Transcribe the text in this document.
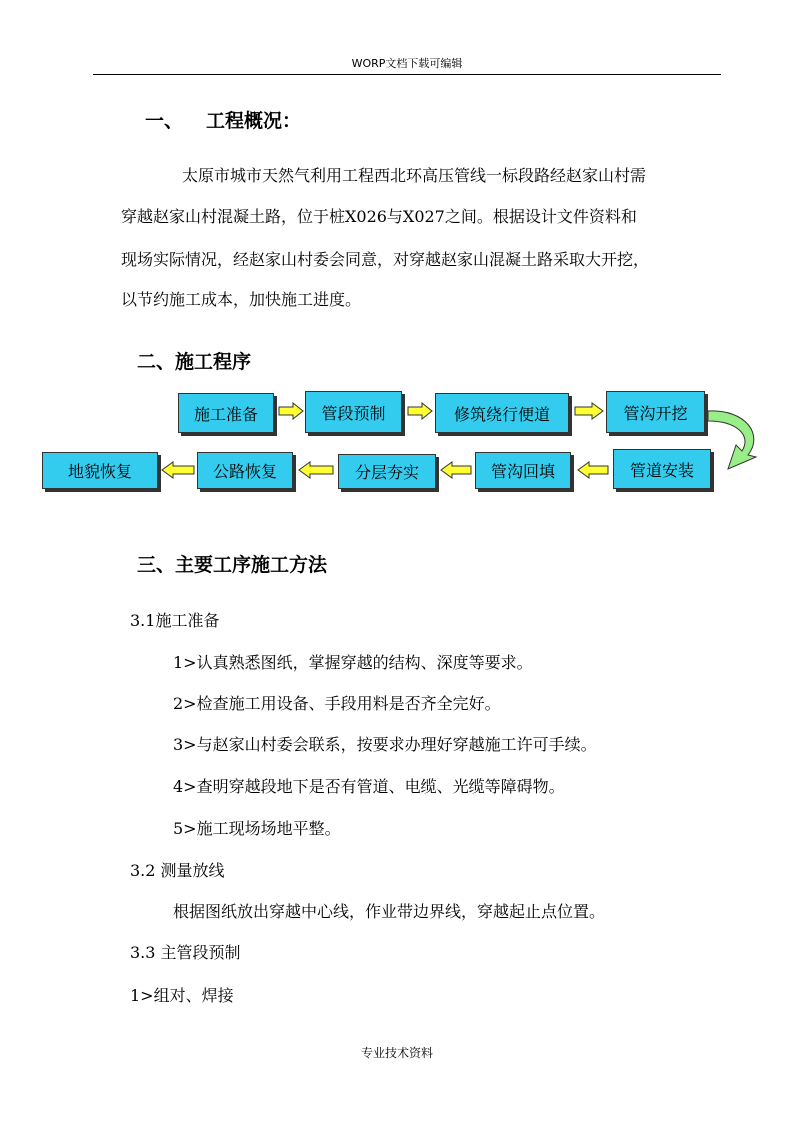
WORP文档下载可编辑
一、 工程概况：
太原市城市天然气利用工程西北环高压管线一标段路经赵家山村需
穿越赵家山村混凝土路，位于桩X026与X027之间。根据设计文件资料和
现场实际情况，经赵家山村委会同意，对穿越赵家山混凝土路采取大开挖，
以节约施工成本，加快施工进度。
二、施工程序
施工准备	管段预制	修筑绕行便道	管沟开挖
管道安装
管沟回填
分层夯实
公路恢复
地貌恢复
三、主要工序施工方法
3.1施工准备
1>认真熟悉图纸，掌握穿越的结构、深度等要求。
2>检查施工用设备、手段用料是否齐全完好。
3>与赵家山村委会联系，按要求办理好穿越施工许可手续。
4>查明穿越段地下是否有管道、电缆、光缆等障碍物。
5>施工现场场地平整。
3.2 测量放线
根据图纸放出穿越中心线，作业带边界线，穿越起止点位置。
3.3 主管段预制
1>组对、焊接
专业技术资料
